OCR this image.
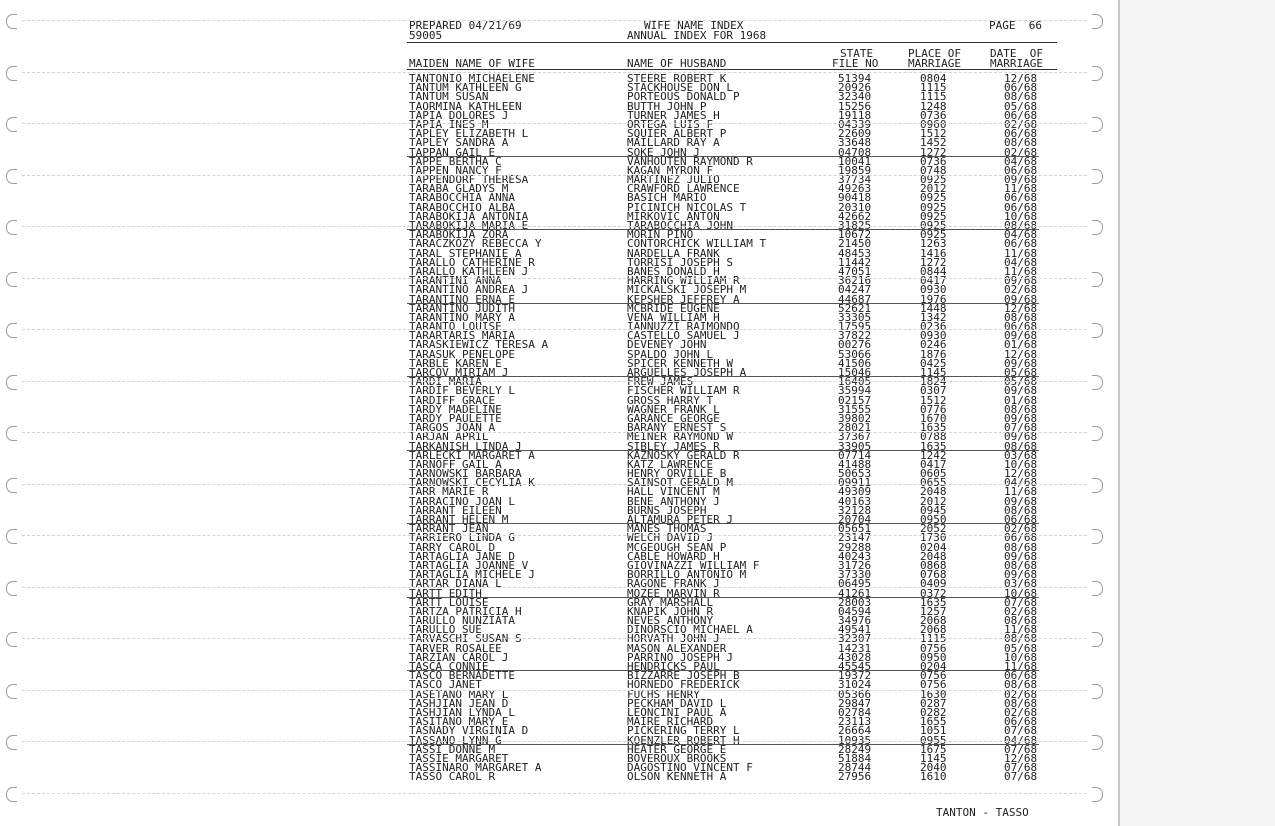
PREPARED 04/21/69
59005
WIFE NAME INDEX
ANNUAL INDEX FOR 1968
PAGE  66
STATE	PLACE OF	DATE  OF
MAIDEN NAME OF WIFE	NAME OF HUSBAND	FILE NO	MARRIAGE	MARRIAGE
TANTONIO MICHAELENE	STEERE ROBERT K	51394	0804	12/68
TANTUM KATHLEEN G	STACKHOUSE DON L	20926	1115	06/68
TANTUM SUSAN	PORTEOUS DONALD P	32340	1115	08/68
TAORMINA KATHLEEN	BUTTH JOHN P	15256	1248	05/68
TAPIA DOLORES J	TURNER JAMES H	19118	0736	06/68
TAPIA INES M	ORTEGA LUIS F	04339	0960	02/68
TAPLEY ELIZABETH L	SQUIER ALBERT P	22609	1512	06/68
TAPLEY SANDRA A	MAILLARD RAY A	33648	1452	08/68
TAPPAN GAIL E	SOKE JOHN J	04708	1272	02/68
TAPPE BERTHA C	VANHOUTEN RAYMOND R	10041	0736	04/68
TAPPEN NANCY F	KAGAN MYRON F	19859	0748	06/68
TAPPENDORF THERESA	MARTINEZ JULIO	37734	0925	09/68
TARABA GLADYS M	CRAWFORD LAWRENCE	49263	2012	11/68
TARABOCCHIA ANNA	BASICH MARIO	90418	0925	06/68
TARABOCCHIO ALBA	PICINICH NICOLAS T	20310	0925	06/68
TARABOKIJA ANTONIA	MIRKOVIC ANTON	42662	0925	10/68
TARABOKIJA MARIA E	TARABOCCHIA JOHN	31825	0925	08/68
TARABOKIJA ZORA	MORIN PINO	10672	0925	04/68
TARACZKOZY REBECCA Y	CONTORCHICK WILLIAM T	21450	1263	06/68
TARAL STEPHANIE A	NARDELLA FRANK	48453	1416	11/68
TARALLO CATHERINE R	TORRISI JOSEPH S	11442	1272	04/68
TARALLO KATHLEEN J	BANES DONALD H	47051	0844	11/68
TARANTINI ANNA	HARRING WILLIAM R	36216	0417	09/68
TARANTINO ANDREA J	MICKALSKI JOSEPH M	04247	0930	02/68
TARANTINO ERNA E	KEPSHER JEFFREY A	44687	1976	09/68
TARANTINO JUDITH	MCBRIDE EUGENE	52621	1448	12/68
TARANTINO MARY A	VENA WILLIAM H	33305	1342	08/68
TARANTO LOUISE	IANNUZZI RAIMONDO	17595	0236	06/68
TARARTARIS MARIA	CASTELLO SAMUEL J	37822	0930	09/68
TARASKIEWICZ TERESA A	DEVENEY JOHN	00276	0246	01/68
TARASUK PENELOPE	SPALDO JOHN L	53066	1876	12/68
TARBLE KAREN E	SPICER KENNETH W	41506	0425	09/68
TARCOV MIRIAM J	ARGUELLES JOSEPH A	15046	1145	05/68
TARDI MARIA	FREW JAMES	16405	1824	05/68
TARDIF BEVERLY L	FISCHER WILLIAM R	35994	0307	09/68
TARDIFF GRACE	GROSS HARRY T	02157	1512	01/68
TARDY MADELINE	WAGNER FRANK L	31555	0776	08/68
TARDY PAULETTE	GARANCE GEORGE	39802	1670	09/68
TARGOS JOAN A	BARANY ERNEST S	28021	1635	07/68
TARJAN APRIL	MEINER RAYMOND W	37367	0788	09/68
TARKANISH LINDA J	SIBLEY JAMES R	33905	1635	08/68
TARLECKI MARGARET A	KAZNOSKY GERALD R	07714	1242	03/68
TARNOFF GAIL A	KATZ LAWRENCE	41488	0417	10/68
TARNOWSKI BARBARA	HENRY ORVILLE B	50653	0605	12/68
TARNOWSKI CECYLIA K	SAINSOT GERALD M	09911	0655	04/68
TARR MARIE R	HALL VINCENT M	49309	2048	11/68
TARRACINO JOAN L	BENE ANTHONY J	40163	2012	09/68
TARRANT EILEEN	BURNS JOSEPH	32128	0945	08/68
TARRANT HELEN M	ALTAMURA PETER J	20704	0950	06/68
TARRANT JEAN	MANES THOMAS	05651	2052	02/68
TARRIERO LINDA G	WELCH DAVID J	23147	1730	06/68
TARRY CAROL D	MCGEOUGH SEAN P	29288	0204	08/68
TARTAGLIA JANE D	CABLE HOWARD H	40243	2048	09/68
TARTAGLIA JOANNE V	GIOVINAZZI WILLIAM F	31726	0868	08/68
TARTAGLIA MICHELE J	BORRILLO ANTONIO M	37330	0768	09/68
TARTAR DIANA L	RAGONE FRANK J	06495	0409	03/68
TARTT EDITH	MOZEE MARVIN R	41261	0372	10/68
TARTT LOUISE	GRAY MARSHALL	28003	1635	07/68
TARTZA PATRICIA H	KNAPIK JOHN R	04594	1257	02/68
TARULLO NUNZIATA	NEVES ANTHONY	34976	2068	08/68
TARULLO SUE	DINORSCIO MICHAEL A	49541	2068	11/68
TARVASCHI SUSAN S	HORVATH JOHN J	32307	1115	08/68
TARVER ROSALEE	MASON ALEXANDER	14231	0756	05/68
TARZIAN CAROL J	PARRINO JOSEPH J	43028	0950	10/68
TASCA CONNIE	HENDRICKS PAUL	45545	0204	11/68
TASCO BERNADETTE	BIZZARRE JOSEPH B	19372	0756	06/68
TASCO JANET	HORNEDO FREDERICK	31024	0756	08/68
TASETANO MARY L	FUCHS HENRY	05366	1630	02/68
TASHJIAN JEAN D	PECKHAM DAVID L	29847	0287	08/68
TASHJIAN LYNDA L	LEONCINI PAUL A	02784	0282	02/68
TASITANO MARY E	MAIRE RICHARD	23113	1655	06/68
TASNADY VIRGINIA D	PICKERING TERRY L	26664	1051	07/68
TASSANO LYNN G	KOENZLER ROBERT H	10935	0955	04/68
TASSI DONNE M	HEATER GEORGE E	28249	1675	07/68
TASSIE MARGARET	BOVEROUX BROOKS	51884	1145	12/68
TASSINARO MARGARET A	DAGOSTINO VINCENT F	28744	2040	07/68
TASSO CAROL R	OLSON KENNETH A	27956	1610	07/68
TANTON - TASSO
